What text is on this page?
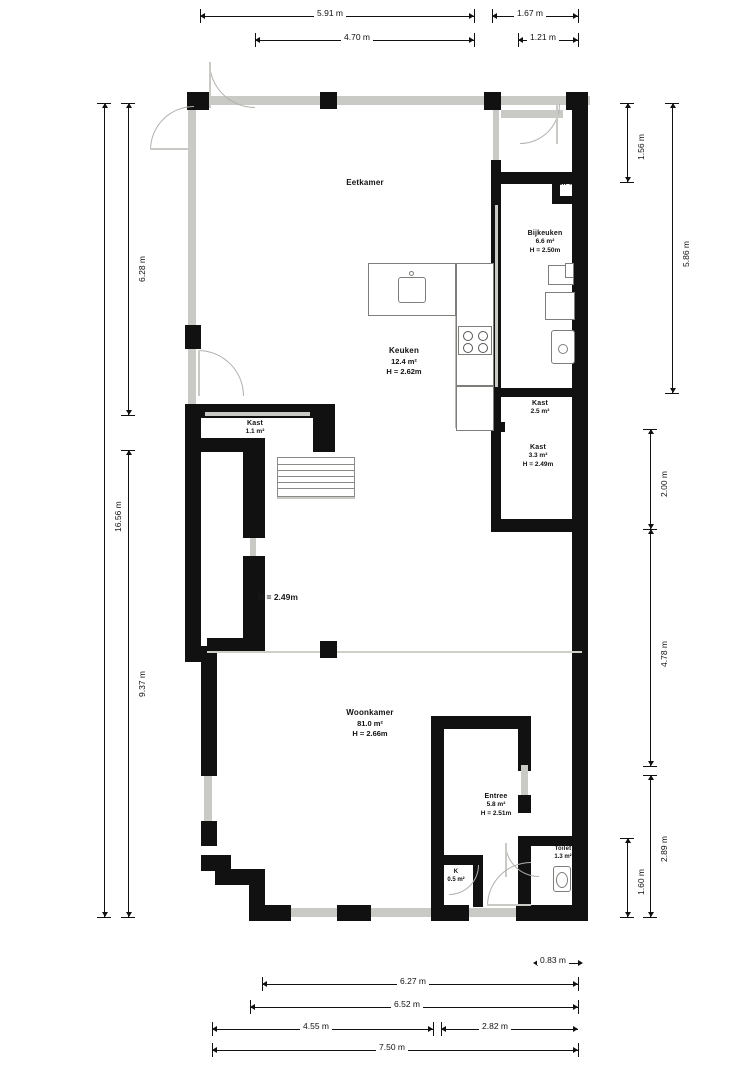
5.91 m	1.67 m
4.70 m	1.21 m
6.28 m
9.37 m
16.56 m
1.56 m
5.86 m
2.00 m
4.78 m
2.89 m
1.60 m
0.83 m
6.27 m
6.52 m
4.55 m	2.82 m
7.50 m
Eetkamer
Keuken
12.4 m²
H = 2.62m
Bijkeuken
6.6 m²
H = 2.50m
K
0.7 m²
Kast
2.5 m²
Kast
3.3 m²
H = 2.49m
Kast
1.1 m²
Woonkamer
81.0 m²
H = 2.66m
Entree
5.8 m²
H = 2.51m
Toilet
1.3 m²
K
0.5 m²
H = 2.49m
